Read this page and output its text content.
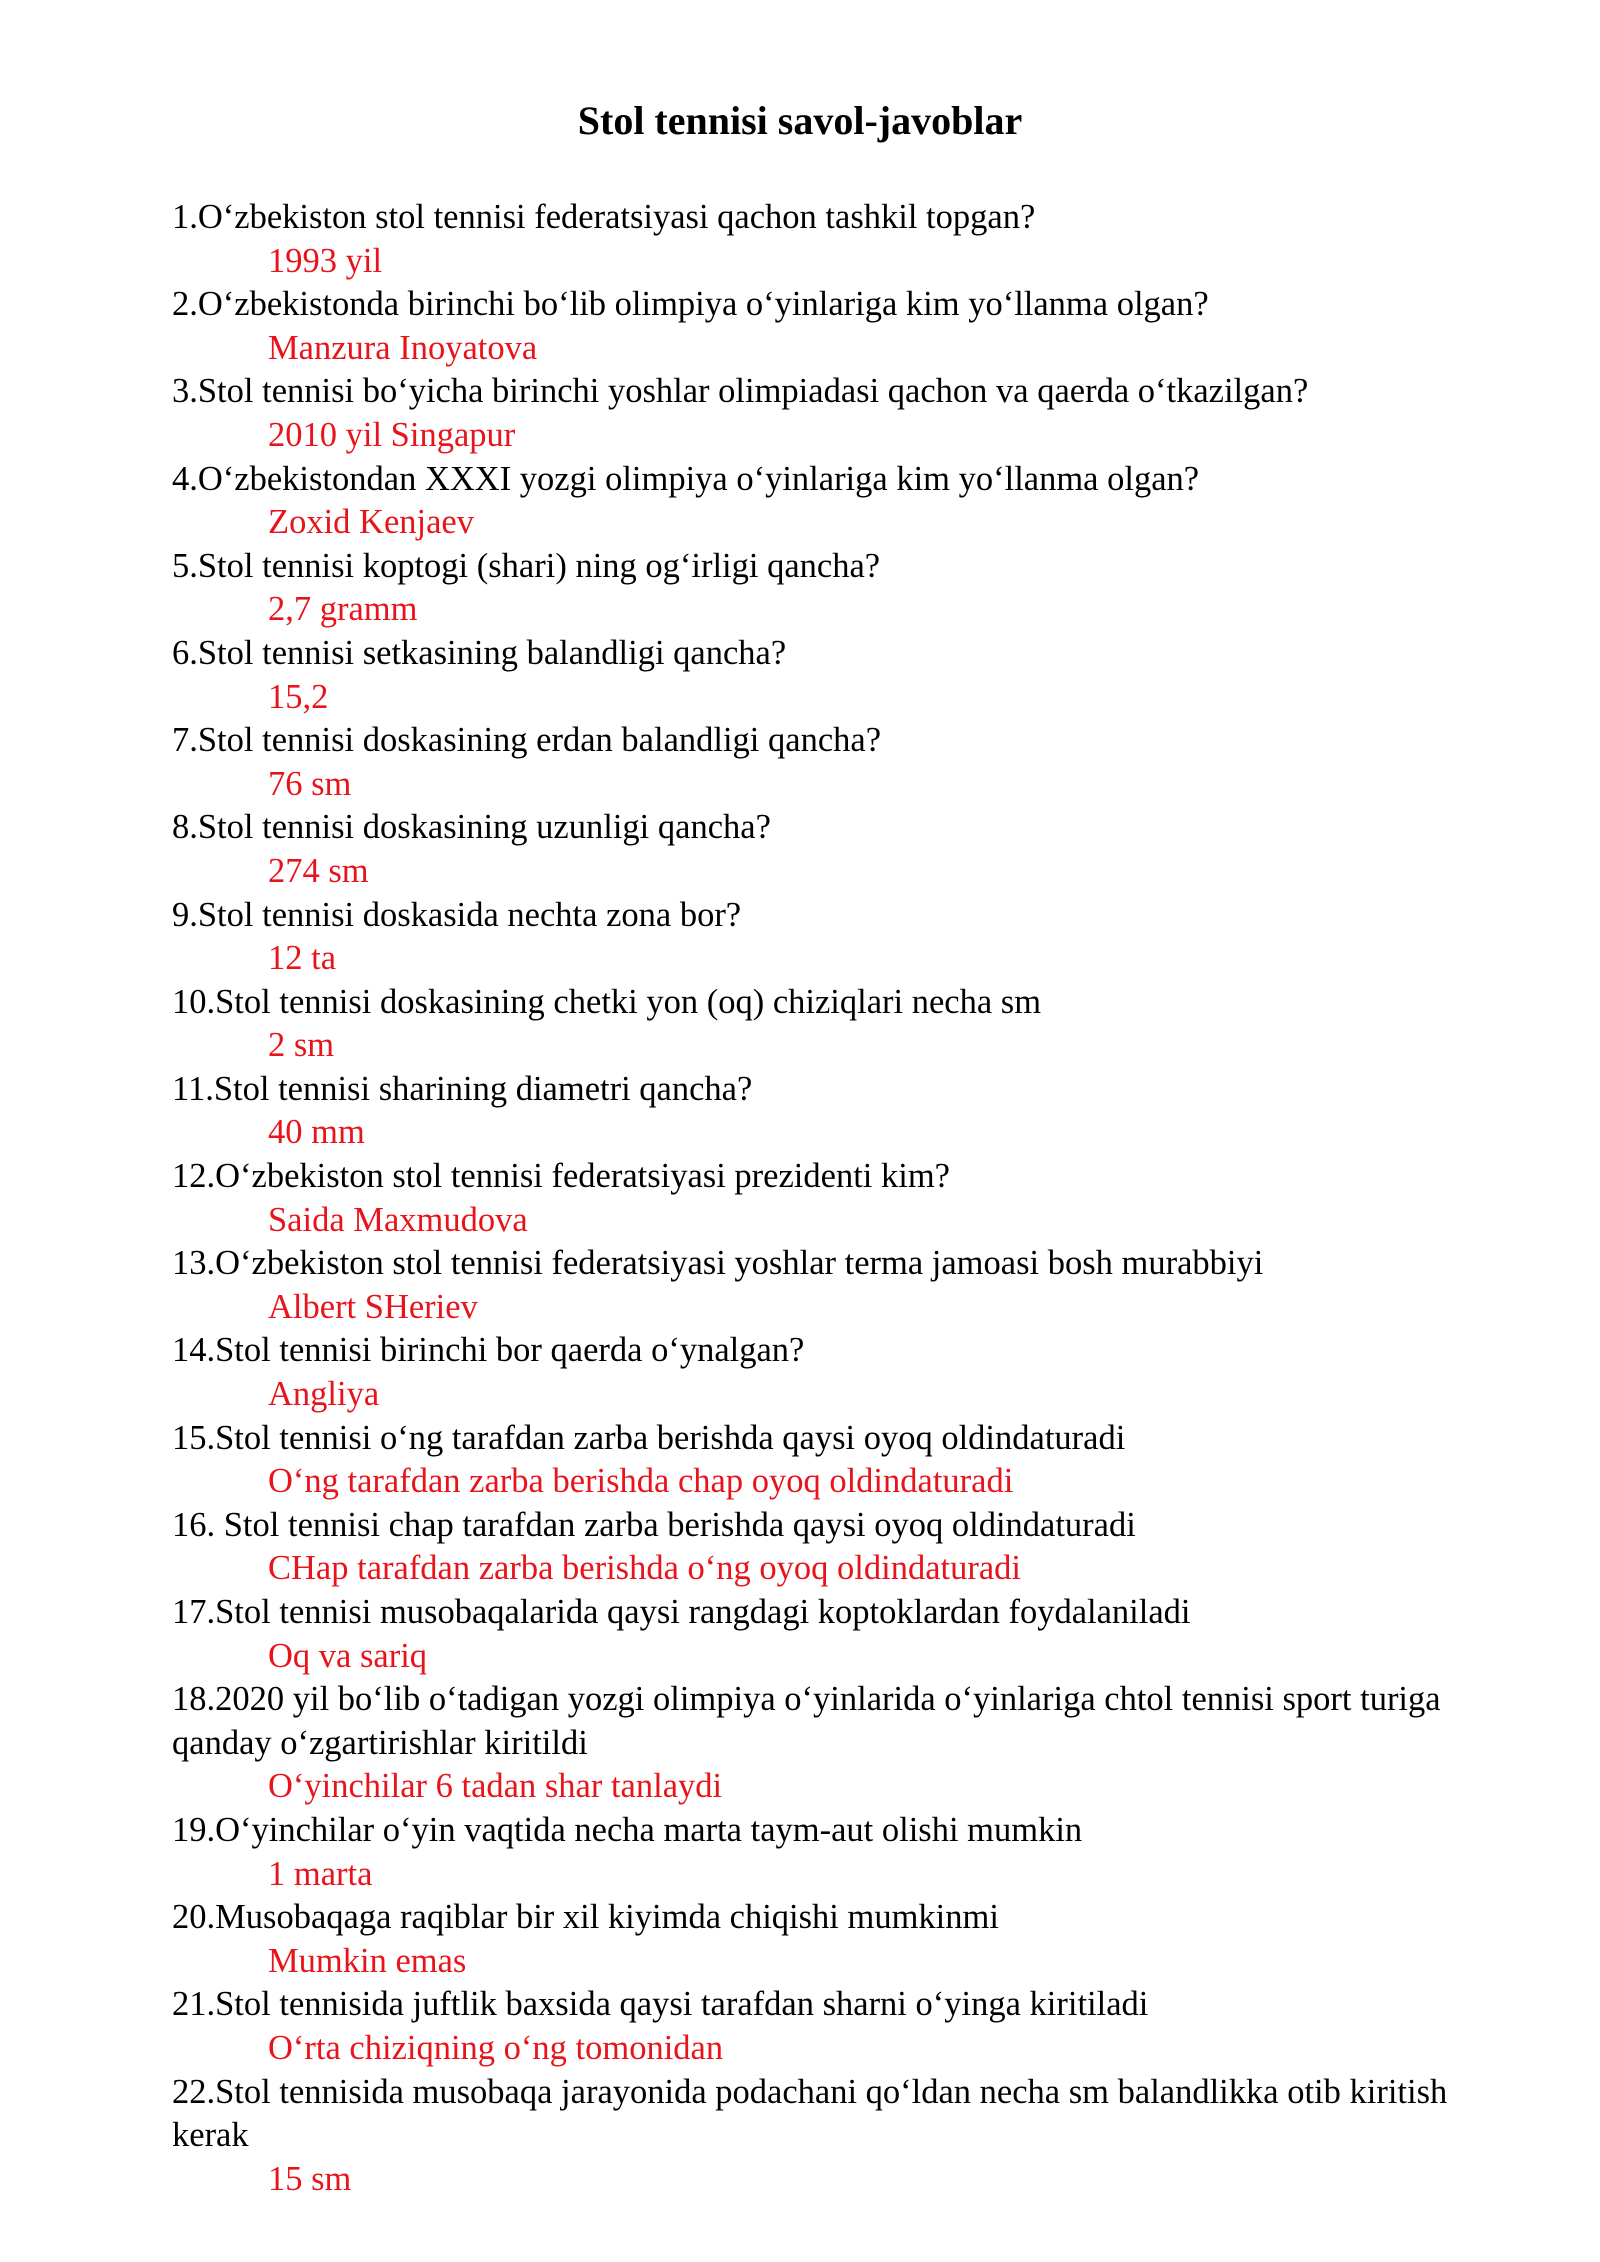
Stol tennisi savol-javoblar
1.O‘zbekiston stol tennisi federatsiyasi qachon tashkil topgan?
1993 yil
2.O‘zbekistonda birinchi bo‘lib olimpiya o‘yinlariga kim yo‘llanma olgan?
Manzura Inoyatova
3.Stol tennisi bo‘yicha birinchi yoshlar olimpiadasi qachon va qaerda o‘tkazilgan?
2010 yil Singapur
4.O‘zbekistondan XXXI yozgi olimpiya o‘yinlariga kim yo‘llanma olgan?
Zoxid Kenjaev
5.Stol tennisi koptogi (shari) ning og‘irligi qancha?
2,7 gramm
6.Stol tennisi setkasining balandligi qancha?
15,2
7.Stol tennisi doskasining erdan balandligi qancha?
76 sm
8.Stol tennisi doskasining uzunligi qancha?
274 sm
9.Stol tennisi doskasida nechta zona bor?
12 ta
10.Stol tennisi doskasining chetki yon (oq) chiziqlari necha sm
2 sm
11.Stol tennisi sharining diametri qancha?
40 mm
12.O‘zbekiston stol tennisi federatsiyasi prezidenti kim?
Saida Maxmudova
13.O‘zbekiston stol tennisi federatsiyasi yoshlar terma jamoasi bosh murabbiyi
Albert SHeriev
14.Stol tennisi birinchi bor qaerda o‘ynalgan?
Angliya
15.Stol tennisi o‘ng tarafdan zarba berishda qaysi oyoq oldindaturadi
O‘ng tarafdan zarba berishda chap oyoq oldindaturadi
16. Stol tennisi chap tarafdan zarba berishda qaysi oyoq oldindaturadi
CHap tarafdan zarba berishda o‘ng oyoq oldindaturadi
17.Stol tennisi musobaqalarida qaysi rangdagi koptoklardan foydalaniladi
Oq va sariq
18.2020 yil bo‘lib o‘tadigan yozgi olimpiya o‘yinlarida o‘yinlariga chtol tennisi sport turiga qanday o‘zgartirishlar kiritildi
O‘yinchilar 6 tadan shar tanlaydi
19.O‘yinchilar o‘yin vaqtida necha marta taym-aut olishi mumkin
1 marta
20.Musobaqaga raqiblar bir xil kiyimda chiqishi mumkinmi
Mumkin emas
21.Stol tennisida juftlik baxsida qaysi tarafdan sharni o‘yinga kiritiladi
O‘rta chiziqning o‘ng tomonidan
22.Stol tennisida musobaqa jarayonida podachani qo‘ldan necha sm balandlikka otib kiritish kerak
15 sm
